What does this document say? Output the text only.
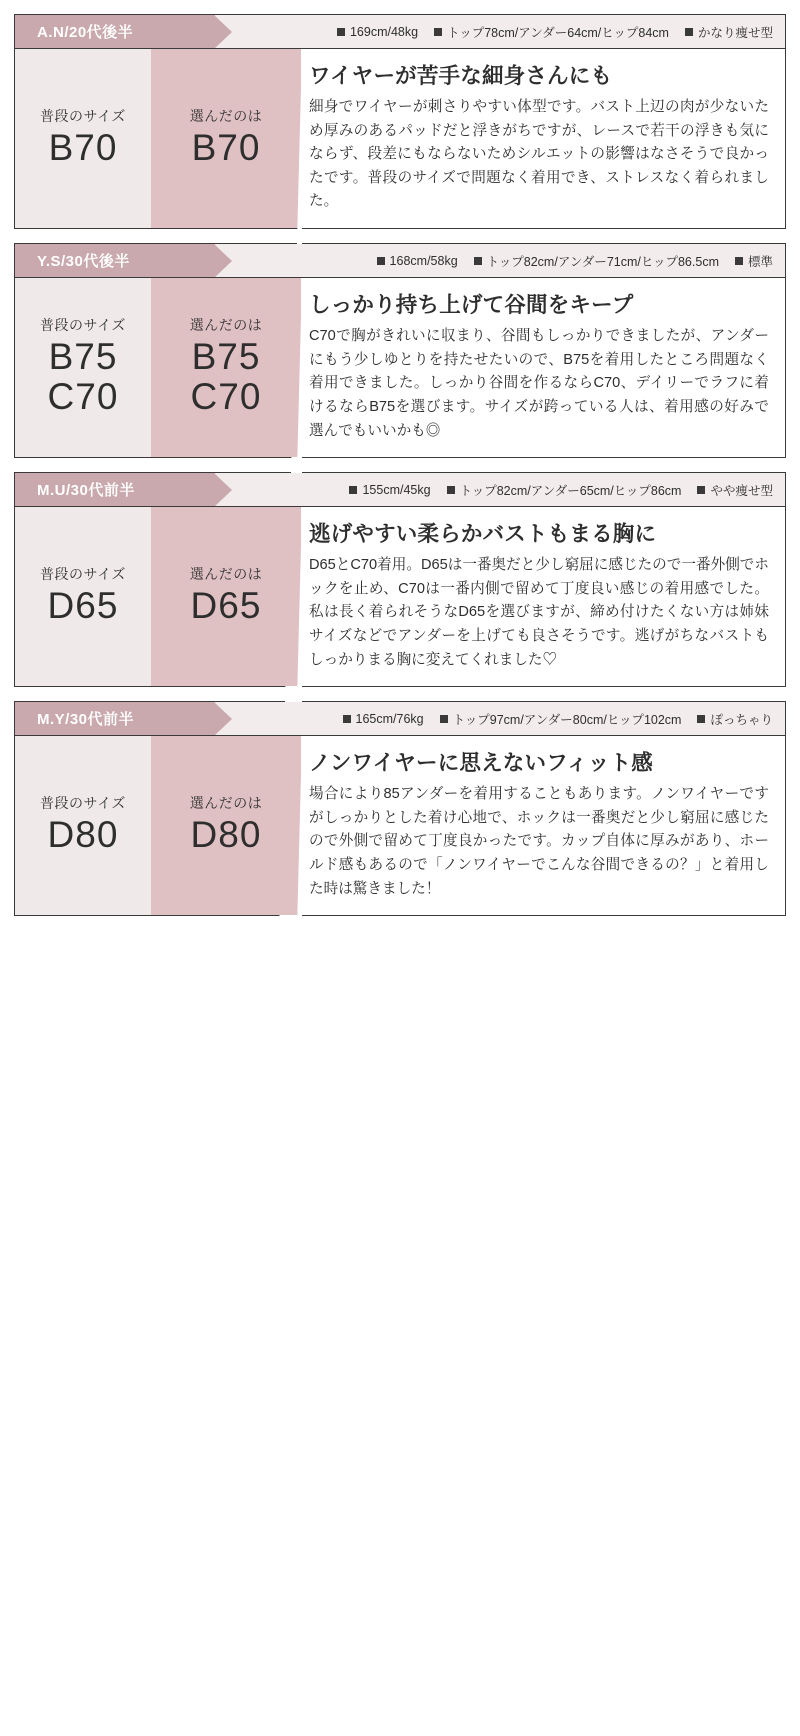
A.N/20代後半	169cm/48kg トップ78cm/アンダー64cm/ヒップ84cm かなり痩せ型
普段のサイズ
B70
選んだのは
B70
ワイヤーが苦手な細身さんにも

細身でワイヤーが刺さりやすい体型です。バスト上辺の肉が少ないため厚みのあるパッドだと浮きがちですが、レースで若干の浮きも気にならず、段差にもならないためシルエットの影響はなさそうで良かったです。普段のサイズで問題なく着用でき、ストレスなく着られました。

Y.S/30代後半	168cm/58kg トップ82cm/アンダー71cm/ヒップ86.5cm 標準
普段のサイズ
B75
C70
選んだのは
B75
C70
しっかり持ち上げて谷間をキープ

C70で胸がきれいに収まり、谷間もしっかりできましたが、アンダーにもう少しゆとりを持たせたいので、B75を着用したところ問題なく着用できました。しっかり谷間を作るならC70、デイリーでラフに着けるならB75を選びます。サイズが跨っている人は、着用感の好みで選んでもいいかも◎

M.U/30代前半	155cm/45kg トップ82cm/アンダー65cm/ヒップ86cm やや痩せ型
普段のサイズ
D65
選んだのは
D65
逃げやすい柔らかバストもまる胸に

D65とC70着用。D65は一番奥だと少し窮屈に感じたので一番外側でホックを止め、C70は一番内側で留めて丁度良い感じの着用感でした。私は長く着られそうなD65を選びますが、締め付けたくない方は姉妹サイズなどでアンダーを上げても良さそうです。逃げがちなバストもしっかりまる胸に変えてくれました♡

M.Y/30代前半	165cm/76kg トップ97cm/アンダー80cm/ヒップ102cm ぽっちゃり
普段のサイズ
D80
選んだのは
D80
ノンワイヤーに思えないフィット感

場合により85アンダーを着用することもあります。ノンワイヤーですがしっかりとした着け心地で、ホックは一番奥だと少し窮屈に感じたので外側で留めて丁度良かったです。カップ自体に厚みがあり、ホールド感もあるので「ノンワイヤーでこんな谷間できるの？」と着用した時は驚きました！
